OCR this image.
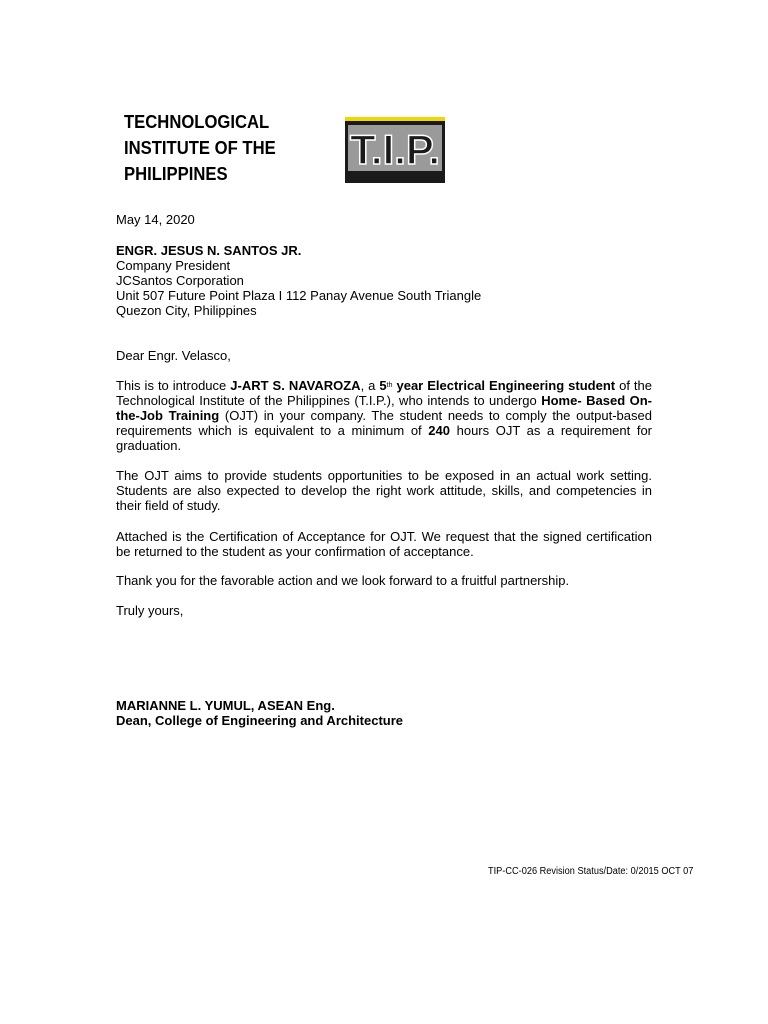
TECHNOLOGICAL
INSTITUTE OF THE
PHILIPPINES
T.I.P.
May 14, 2020
ENGR. JESUS N. SANTOS JR.
Company President
JCSantos Corporation
Unit 507 Future Point Plaza I 112 Panay Avenue South Triangle
Quezon City, Philippines
Dear Engr. Velasco,
This is to introduce J-ART S. NAVAROZA, a 5th year Electrical Engineering student of the Technological Institute of the Philippines (T.I.P.), who intends to undergo Home- Based On-the-Job Training (OJT) in your company. The student needs to comply the output-based requirements which is equivalent to a minimum of 240 hours OJT as a requirement for graduation.
The OJT aims to provide students opportunities to be exposed in an actual work setting. Students are also expected to develop the right work attitude, skills, and competencies in their field of study.
Attached is the Certification of Acceptance for OJT. We request that the signed certification be returned to the student as your confirmation of acceptance.
Thank you for the favorable action and we look forward to a fruitful partnership.
Truly yours,
MARIANNE L. YUMUL, ASEAN Eng.
Dean, College of Engineering and Architecture
TIP-CC-026 Revision Status/Date: 0/2015 OCT 07
